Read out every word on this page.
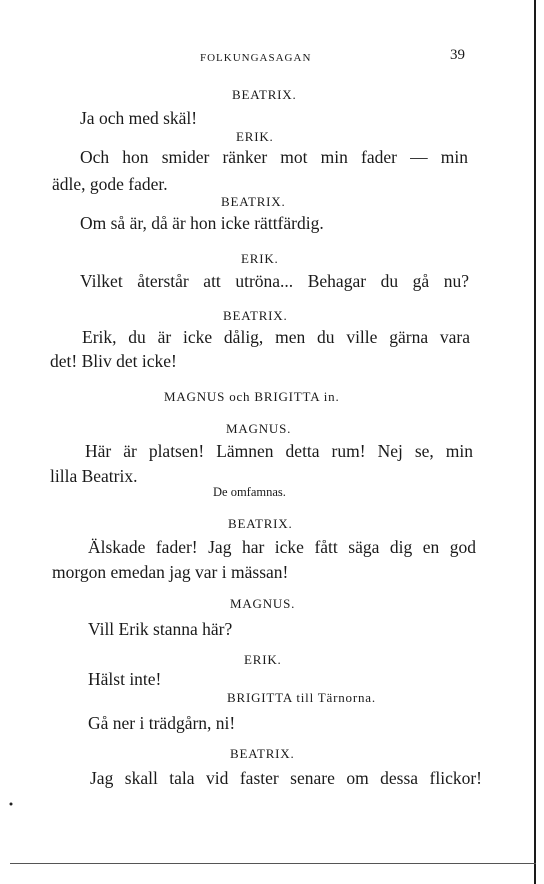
FOLKUNGASAGAN	39
BEATRIX.
Ja och med skäl!
ERIK.
Och hon smider ränker mot min fader — min
ädle, gode fader.
BEATRIX.
Om så är, då är hon icke rättfärdig.
ERIK.
Vilket återstår att utröna... Behagar du gå nu?
BEATRIX.
Erik, du är icke dålig, men du ville gärna vara
det! Bliv det icke!
MAGNUS och BRIGITTA in.
MAGNUS.
Här är platsen! Lämnen detta rum! Nej se, min
lilla Beatrix.
De omfamnas.
BEATRIX.
Älskade fader! Jag har icke fått säga dig en god
morgon emedan jag var i mässan!
MAGNUS.
Vill Erik stanna här?
ERIK.
Hälst inte!
BRIGITTA till Tärnorna.
Gå ner i trädgårn, ni!
BEATRIX.
Jag skall tala vid faster senare om dessa flickor!
